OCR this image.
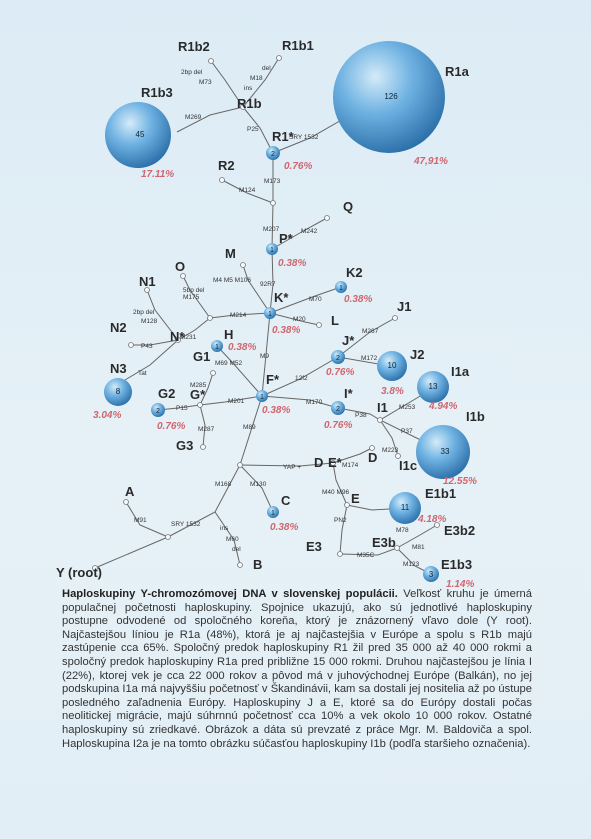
126
45
2
1
1
1
1
2
10
8
13
1
2	2
33
1
11
3
R1b2	R1b1
R1a
R1b3
R1b
R1*
R2
Q
P*
M
K2
O
N1
K*
J1
N2	L
N*	H	J*
J2
G1
N3	I1a
F*
G2 G*	I*
I1
I1b
G3
D E* D
I1c
A
C	E	E1b1
E3b2
E3	E3b
E1b3
B
Y (root)
47,91%
17.11%
0.76%
0.38%
0.38%
0.38%
0.38%
0.76%
3.8%
3.04%
4.94%
0.38%
0.76%	0.76%
12.55%
0.38%
4.18%
1.14%
2bp del
M73
del
M18
ins
M269
P25
SRY 1532
M173
M124
M207	M242
M4 M5 M106
92R7
M70
5bp del
M175
2bp del
M128
P43
M214
M20
M231
M267
Tat
M69 M52
M9
12f2
M172
M285
P15
M201
M287
M170
M253
P38
P37
M223
M89
YAP +	M174
M168	M130
M40 M96
M91
SRY 1532
ins
M60
del
PN2
M78
M35C
M81
M123

Haploskupiny Y-chromozómovej DNA v slovenskej populácii. Veľkosť kruhu je úmerná populačnej početnosti haploskupiny. Spojnice ukazujú, ako sú jednotlivé haploskupiny postupne odvodené od spoločného koreňa, ktorý je znázornený vľavo dole (Y root). Najčastejšou líniou je R1a (48%), ktorá je aj najčastejšia v Európe a spolu s R1b majú zastúpenie cca 65%. Spoločný predok haploskupiny R1 žil pred 35 000 až 40 000 rokmi a spoločný predok haploskupiny R1a pred približne 15 000 rokmi. Druhou najčastejšou je línia I (22%), ktorej vek je cca 22 000 rokov a pôvod má v juhovýchodnej Európe (Balkán), no jej podskupina I1a má najvyššiu početnosť v Škandinávii, kam sa dostali jej nositelia až po ústupe posledného zaľadnenia Európy. Haploskupiny J a E, ktoré sa do Európy dostali počas neolitickej migrácie, majú súhrnnú početnosť cca 10% a vek okolo 10 000 rokov. Ostatné haploskupiny sú zriedkavé. Obrázok a dáta sú prevzaté z práce Mgr. M. Baldoviča a spol. Haploskupina I2a je na tomto obrázku súčasťou haploskupiny I1b (podľa staršieho označenia).
